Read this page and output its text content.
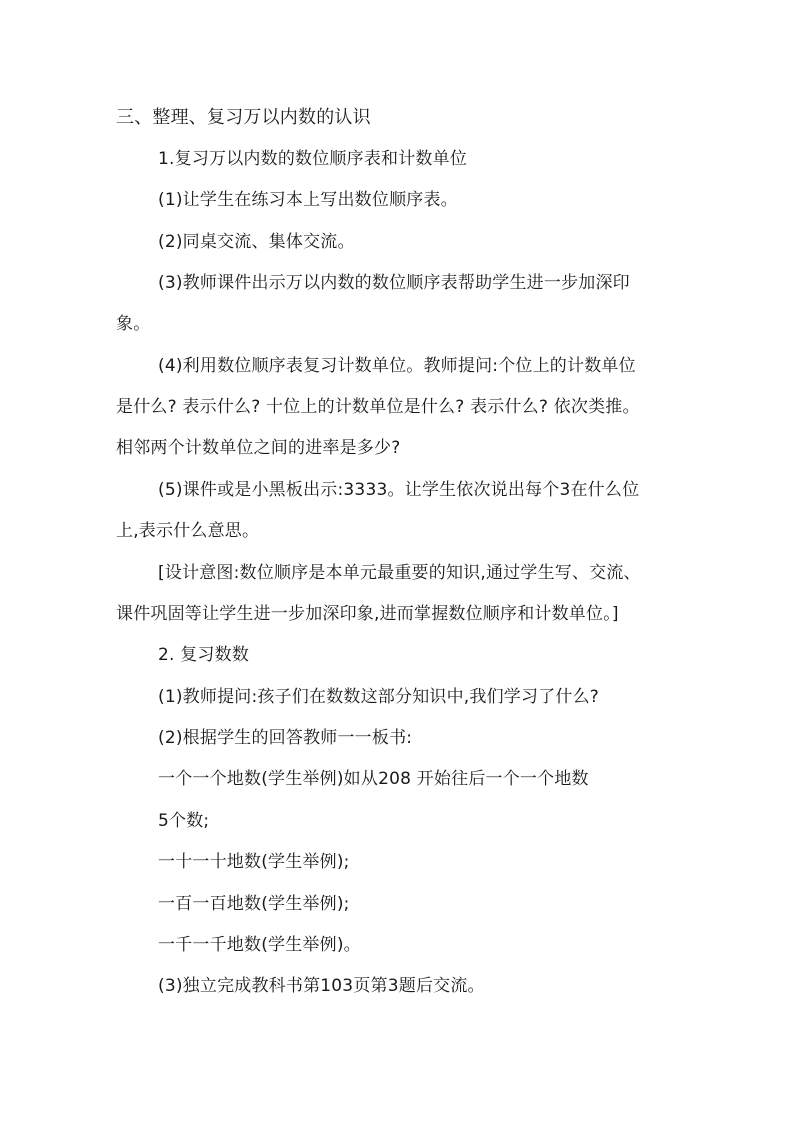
三、整理、复习万以内数的认识
1.复习万以内数的数位顺序表和计数单位
(1)让学生在练习本上写出数位顺序表。
(2)同桌交流、集体交流。
(3)教师课件出示万以内数的数位顺序表帮助学生进一步加深印
象。
(4)利用数位顺序表复习计数单位。教师提问:个位上的计数单位
是什么? 表示什么? 十位上的计数单位是什么? 表示什么? 依次类推。
相邻两个计数单位之间的进率是多少?
(5)课件或是小黑板出示:3333。让学生依次说出每个3在什么位
上,表示什么意思。
[设计意图:数位顺序是本单元最重要的知识,通过学生写、交流、
课件巩固等让学生进一步加深印象,进而掌握数位顺序和计数单位。]
2. 复习数数
(1)教师提问:孩子们在数数这部分知识中,我们学习了什么?
(2)根据学生的回答教师一一板书:
一个一个地数(学生举例)如从208 开始往后一个一个地数
5个数;
一十一十地数(学生举例);
一百一百地数(学生举例);
一千一千地数(学生举例)。
(3)独立完成教科书第103页第3题后交流。
